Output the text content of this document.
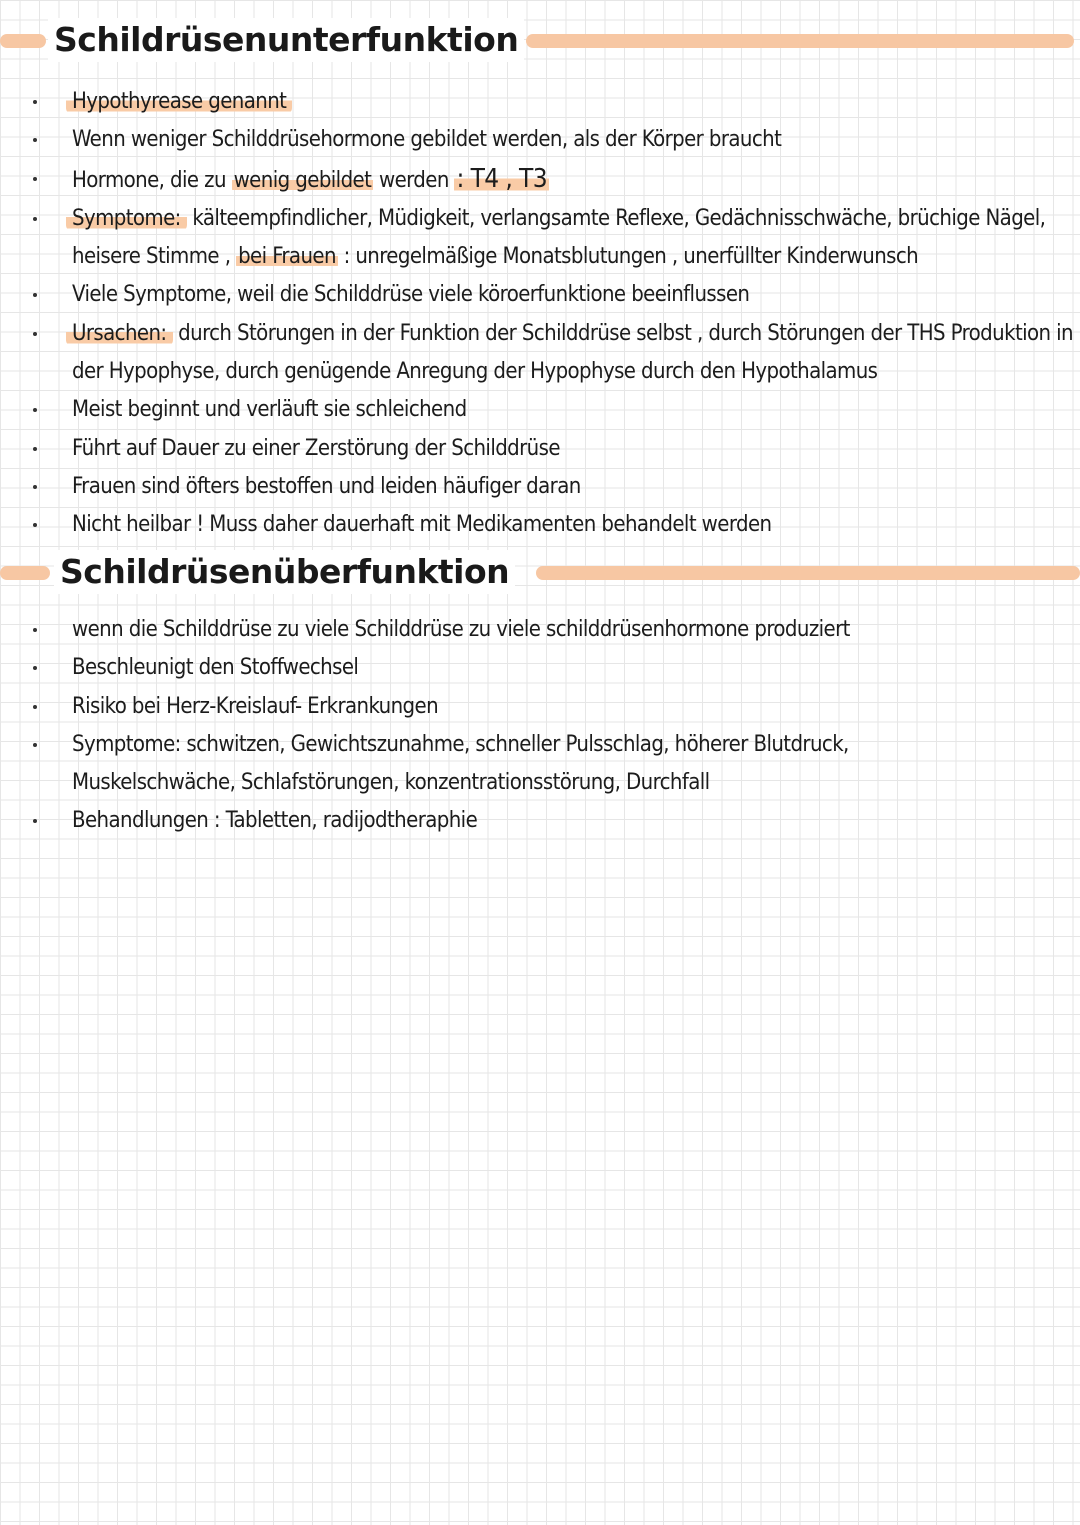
Schildrüsenunterfunktion
Hypothyrease genannt
Wenn weniger Schilddrüsehormone gebildet werden, als der Körper braucht
Hormone, die zu wenig gebildet werden : T4 , T3
Symptome: kälteempfindlicher, Müdigkeit, verlangsamte Reflexe, Gedächnisschwäche, brüchige Nägel,
heisere Stimme , bei Frauen : unregelmäßige Monatsblutungen , unerfüllter Kinderwunsch
Viele Symptome, weil die Schilddrüse viele köroerfunktione beeinflussen
Ursachen: durch Störungen in der Funktion der Schilddrüse selbst , durch Störungen der THS Produktion in
der Hypophyse, durch genügende Anregung der Hypophyse durch den Hypothalamus
Meist beginnt und verläuft sie schleichend
Führt auf Dauer zu einer Zerstörung der Schilddrüse
Frauen sind öfters bestoffen und leiden häufiger daran
Nicht heilbar ! Muss daher dauerhaft mit Medikamenten behandelt werden
Schildrüsenüberfunktion
wenn die Schilddrüse zu viele Schilddrüse zu viele schilddrüsenhormone produziert
Beschleunigt den Stoffwechsel
Risiko bei Herz-Kreislauf- Erkrankungen
Symptome: schwitzen, Gewichtszunahme, schneller Pulsschlag, höherer Blutdruck,
Muskelschwäche, Schlafstörungen, konzentrationsstörung, Durchfall
Behandlungen : Tabletten, radijodtheraphie
